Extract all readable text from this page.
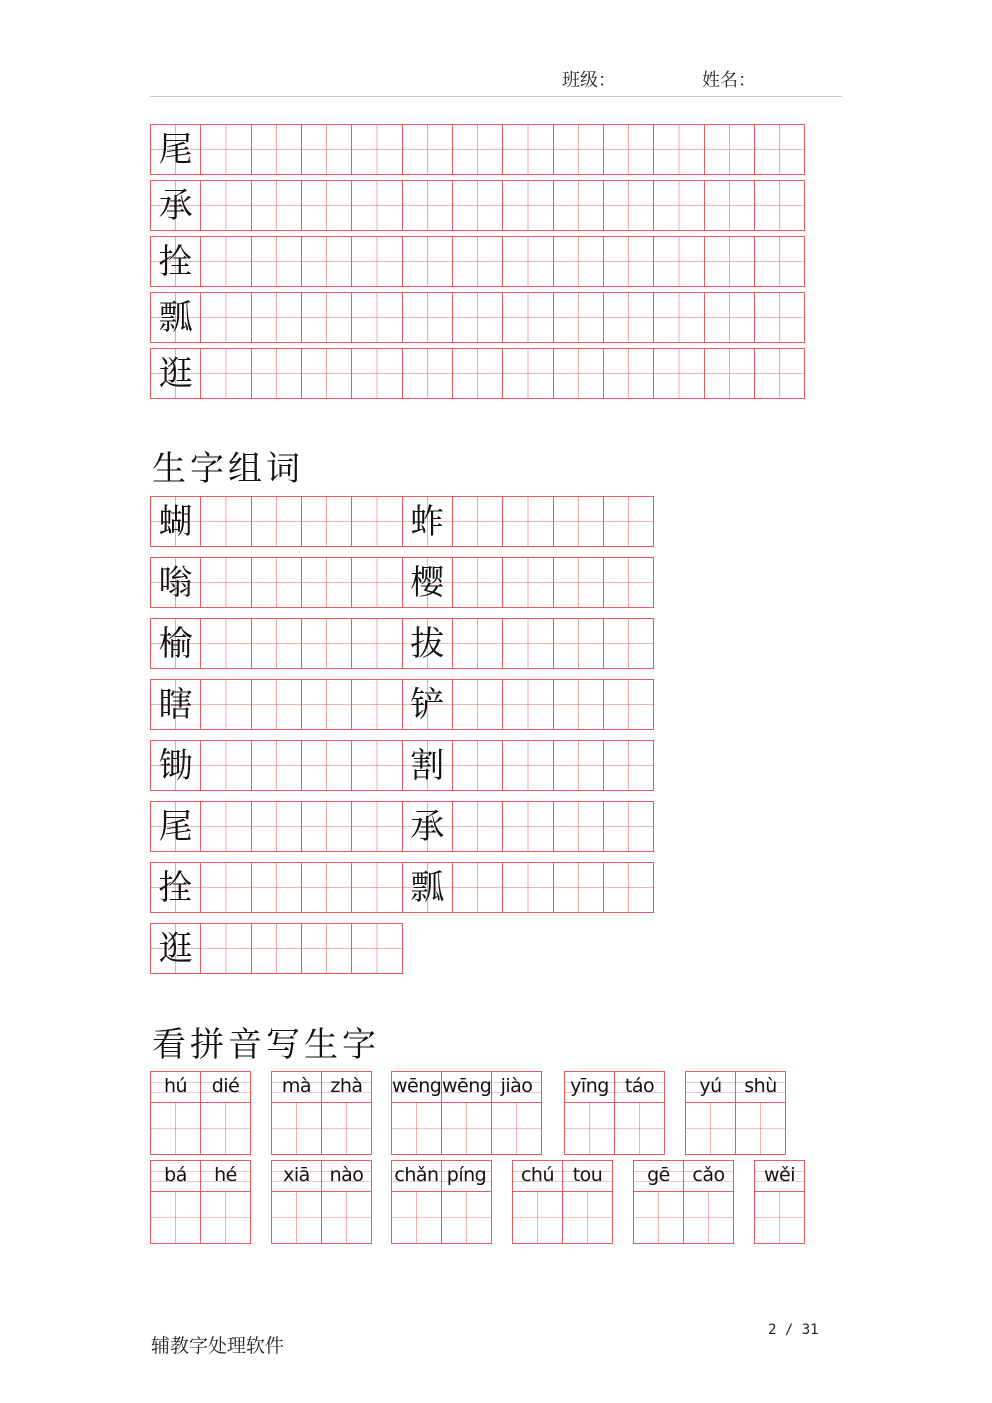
班级：	姓名：
尾
承
拴
瓢
逛
生字组词
蝴	蚱
嗡	樱
榆	拔
瞎	铲
锄	割
尾	承
拴	瓢
逛
看拼音写生字
hú	dié	mà	zhà	wēng wēng jiào	yīng táo	yú	shù
bá	hé	xiā	nào	chǎn píng	chú tou	gē	cǎo	wěi
辅教字处理软件
2 / 31
